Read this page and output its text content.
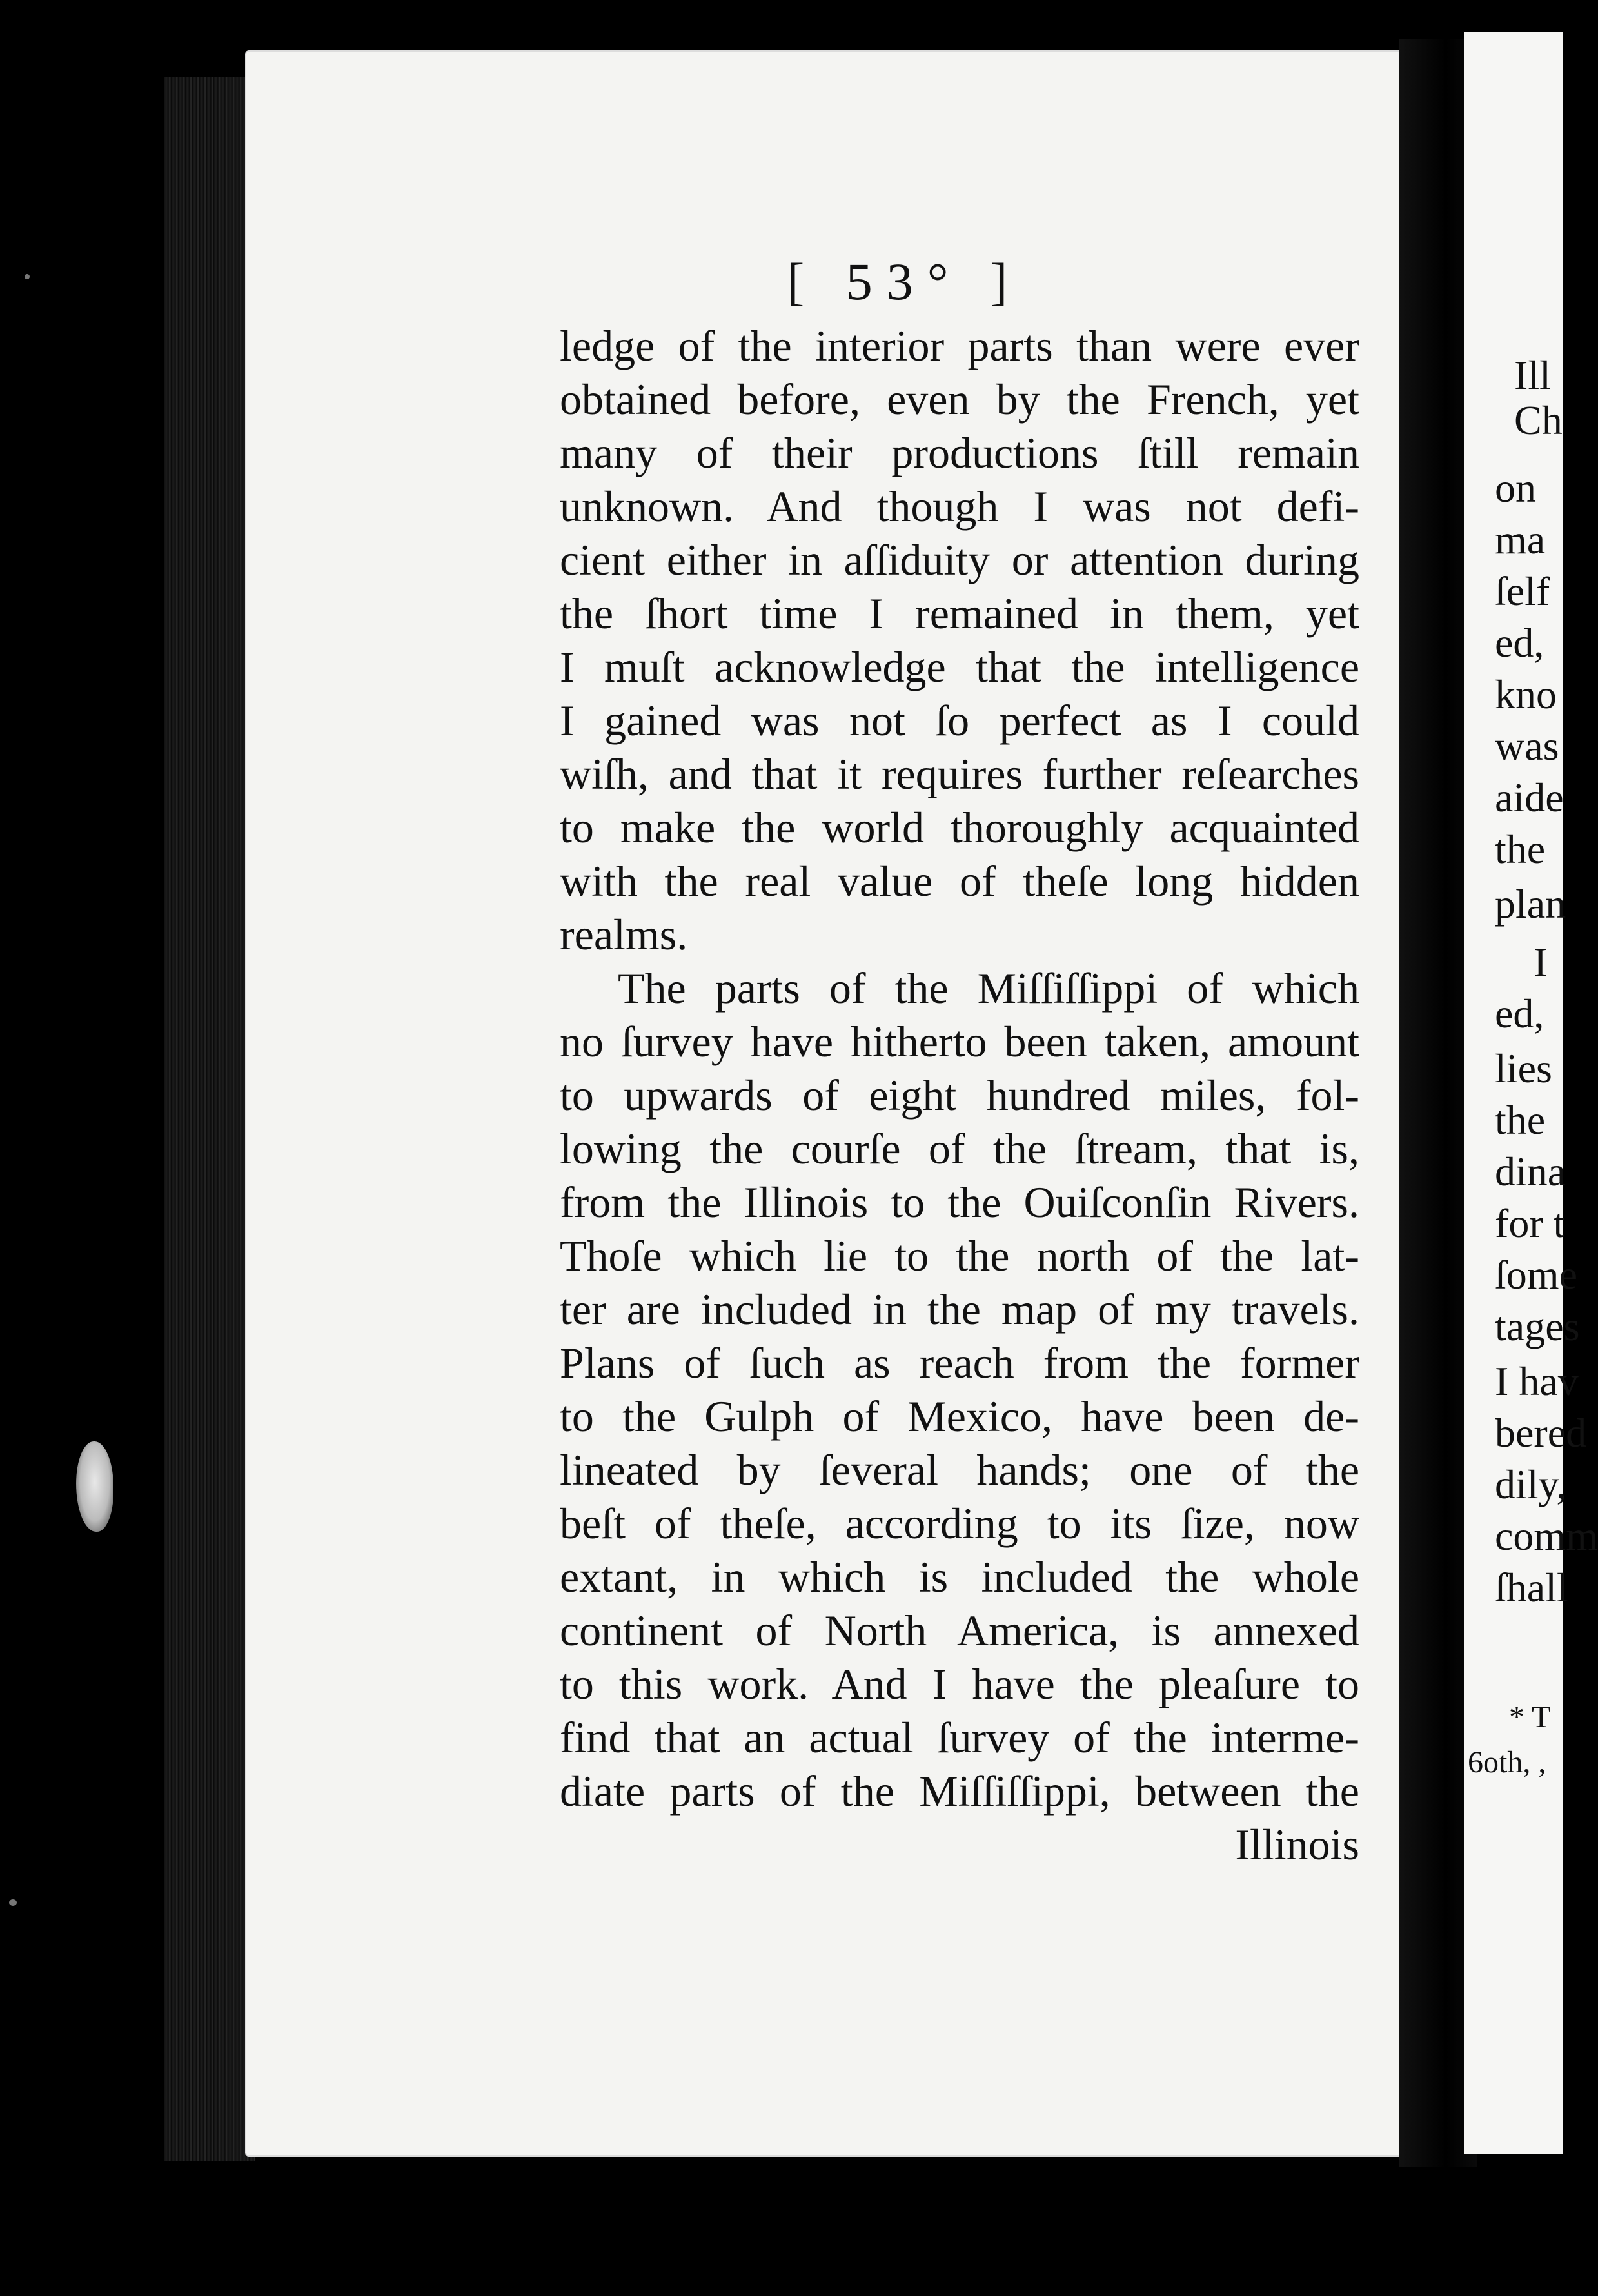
[ 53° ]
ledge of the interior parts than were ever
obtained before, even by the French, yet
many of their productions ſtill remain
unknown. And though I was not defi-
cient either in aſſiduity or attention during
the ſhort time I remained in them, yet
I muſt acknowledge that the intelligence
I gained was not ſo perfect as I could
wiſh, and that it requires further reſearches
to make the world thoroughly acquainted
with the real value of theſe long hidden
realms.
The parts of the Miſſiſſippi of which
no ſurvey have hitherto been taken, amount
to upwards of eight hundred miles, fol-
lowing the courſe of the ſtream, that is,
from the Illinois to the Ouiſconſin Rivers.
Thoſe which lie to the north of the lat-
ter are included in the map of my travels.
Plans of ſuch as reach from the former
to the Gulph of Mexico, have been de-
lineated by ſeveral hands; one of the
beſt of theſe, according to its ſize, now
extant, in which is included the whole
continent of North America, is annexed
to this work. And I have the pleaſure to
find that an actual ſurvey of the interme-
diate parts of the Miſſiſſippi, between the
Illinois
Ill
Ch
on
ma
ſelf
ed,
kno
was
aide
the
plan
I
ed,
lies
the
dina
for t
ſome
tages
I hav
bered
dily,
comm
ſhall
* T
6oth, ,
